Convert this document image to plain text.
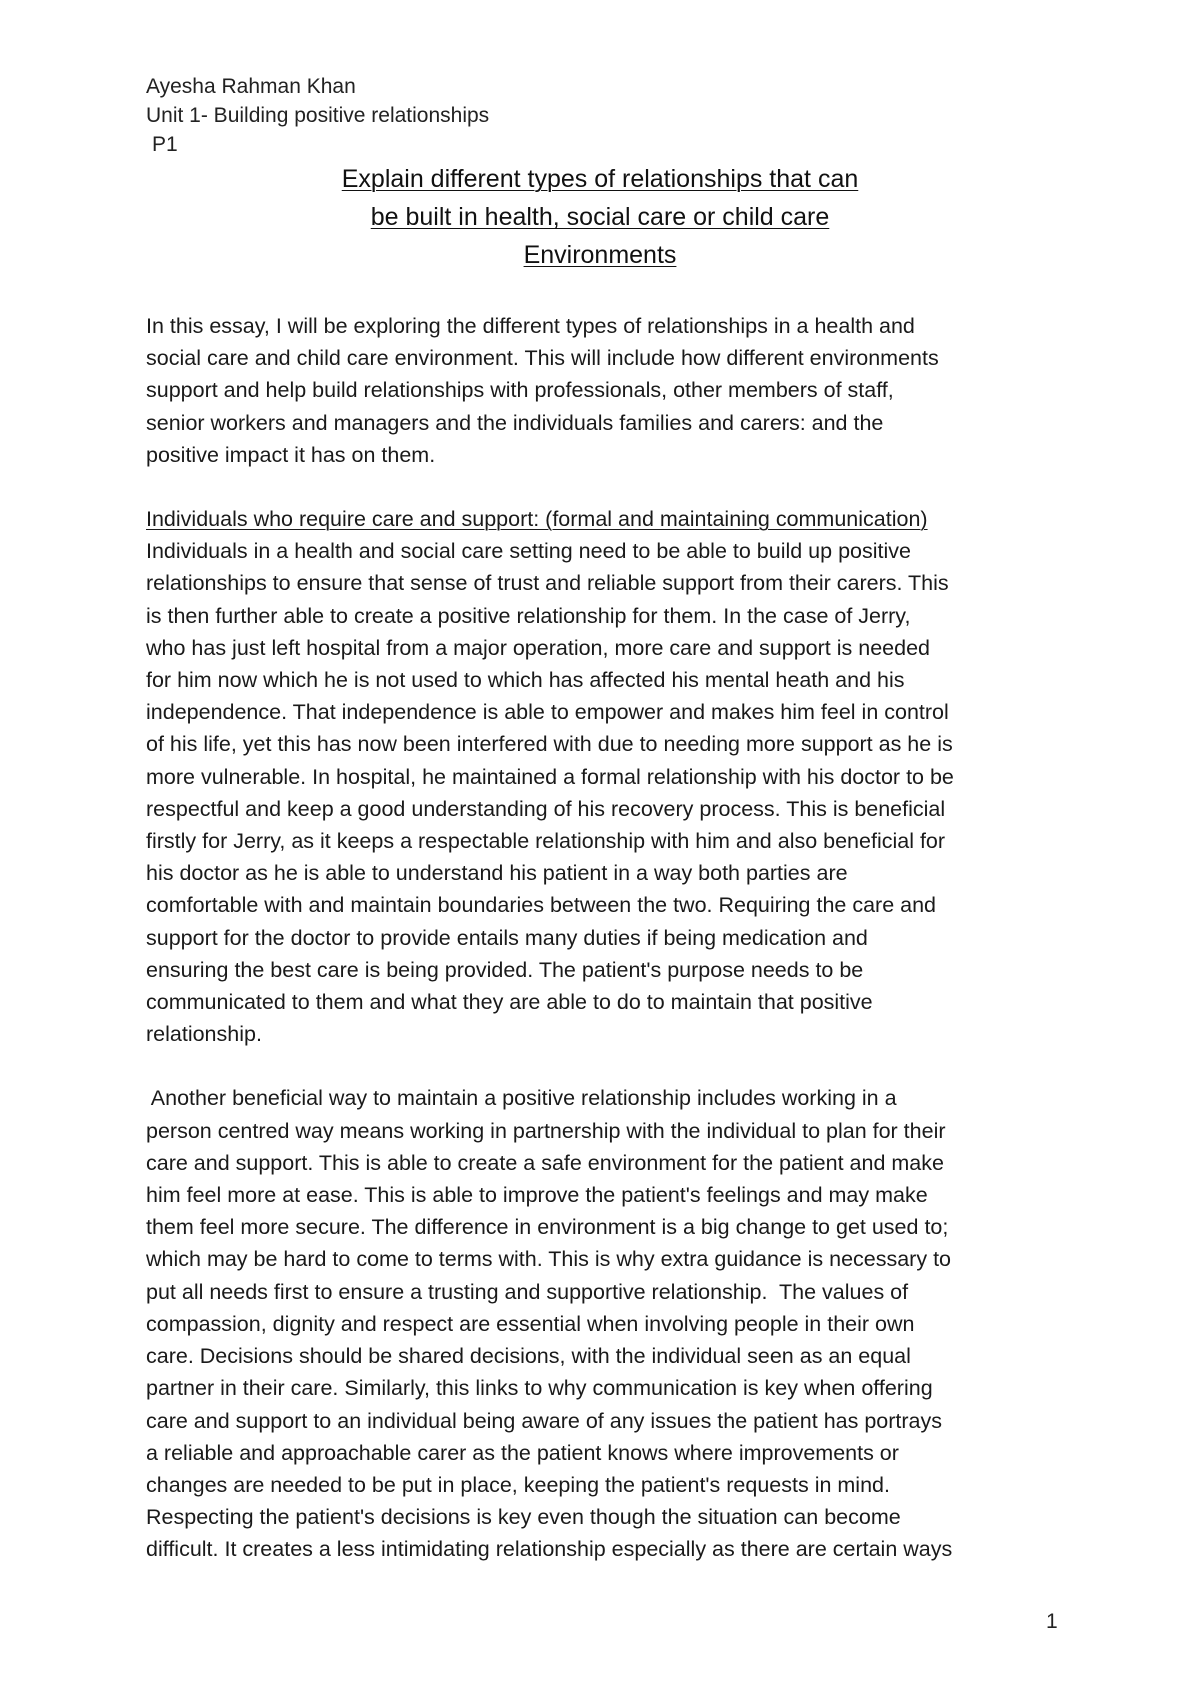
Ayesha Rahman Khan
Unit 1- Building positive relationships
P1
Explain different types of relationships that can
be built in health, social care or child care
Environments
In this essay, I will be exploring the different types of relationships in a health and
social care and child care environment. This will include how different environments
support and help build relationships with professionals, other members of staff,
senior workers and managers and the individuals families and carers: and the
positive impact it has on them.
Individuals who require care and support: (formal and maintaining communication)
Individuals in a health and social care setting need to be able to build up positive
relationships to ensure that sense of trust and reliable support from their carers. This
is then further able to create a positive relationship for them. In the case of Jerry,
who has just left hospital from a major operation, more care and support is needed
for him now which he is not used to which has affected his mental heath and his
independence. That independence is able to empower and makes him feel in control
of his life, yet this has now been interfered with due to needing more support as he is
more vulnerable. In hospital, he maintained a formal relationship with his doctor to be
respectful and keep a good understanding of his recovery process. This is beneficial
firstly for Jerry, as it keeps a respectable relationship with him and also beneficial for
his doctor as he is able to understand his patient in a way both parties are
comfortable with and maintain boundaries between the two. Requiring the care and
support for the doctor to provide entails many duties if being medication and
ensuring the best care is being provided. The patient's purpose needs to be
communicated to them and what they are able to do to maintain that positive
relationship.
Another beneficial way to maintain a positive relationship includes working in a
person centred way means working in partnership with the individual to plan for their
care and support. This is able to create a safe environment for the patient and make
him feel more at ease. This is able to improve the patient's feelings and may make
them feel more secure. The difference in environment is a big change to get used to;
which may be hard to come to terms with. This is why extra guidance is necessary to
put all needs first to ensure a trusting and supportive relationship.  The values of
compassion, dignity and respect are essential when involving people in their own
care. Decisions should be shared decisions, with the individual seen as an equal
partner in their care. Similarly, this links to why communication is key when offering
care and support to an individual being aware of any issues the patient has portrays
a reliable and approachable carer as the patient knows where improvements or
changes are needed to be put in place, keeping the patient's requests in mind.
Respecting the patient's decisions is key even though the situation can become
difficult. It creates a less intimidating relationship especially as there are certain ways
1
